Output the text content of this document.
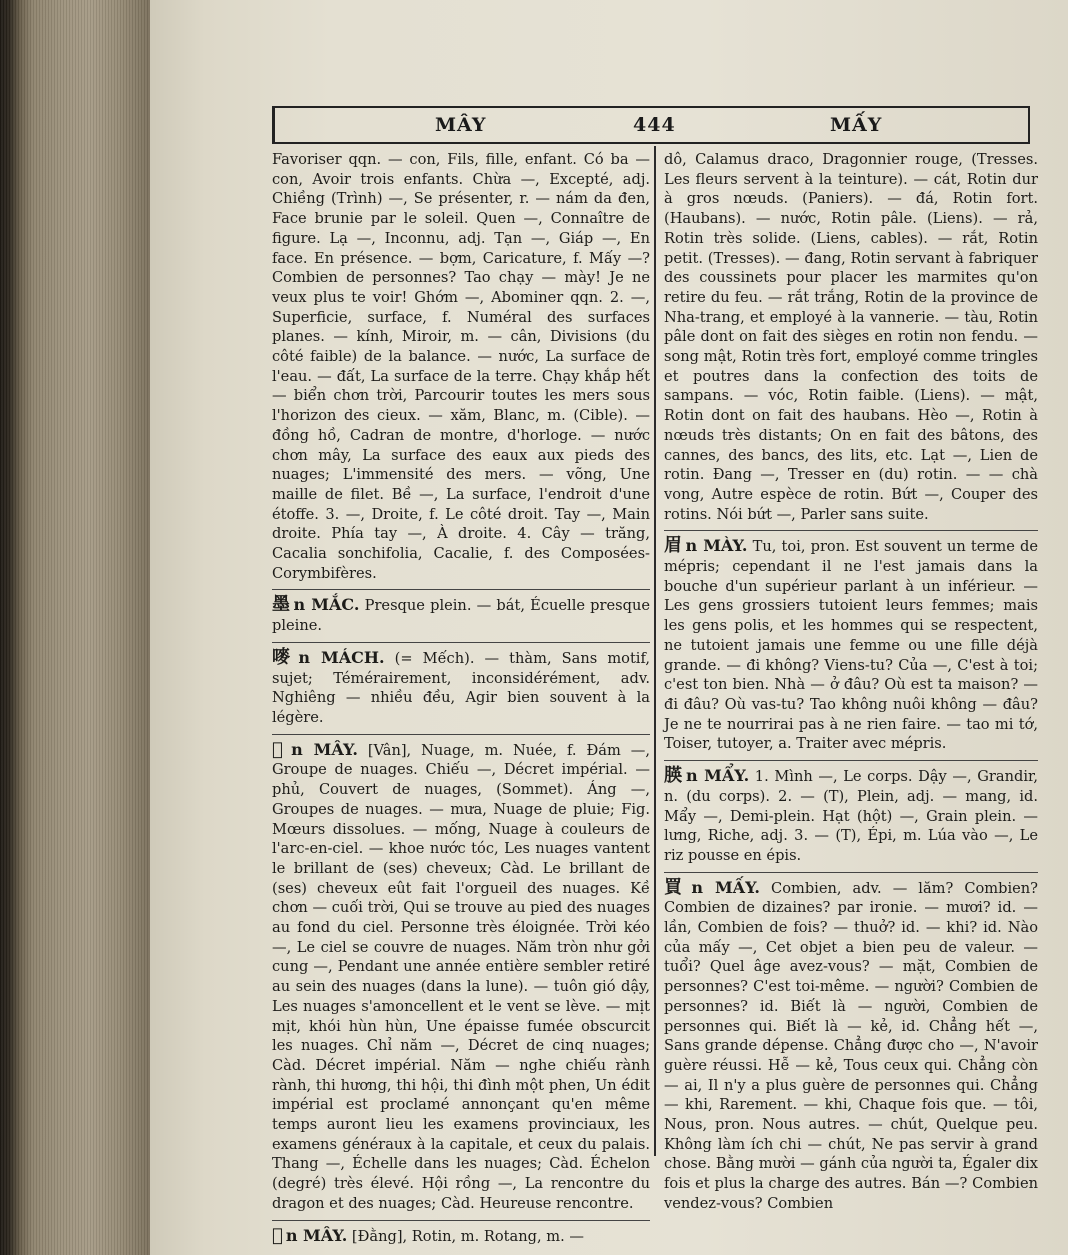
MÂY	444	MẤY

Favoriser qqn. — con, Fils, fille, enfant. Có ba — con, Avoir trois enfants. Chừa —, Excepté, adj. Chiềng (Trình) —, Se présenter, r. — nám da đen, Face brunie par le soleil. Quen —, Connaître de figure. Lạ —, Inconnu, adj. Tạn —, Giáp —, En face. En présence. — bợm, Caricature, f. Mấy —? Combien de personnes? Tao chạy — mày! Je ne veux plus te voir! Ghớm —, Abominer qqn. 2. —, Superficie, surface, f. Numéral des surfaces planes. — kính, Miroir, m. — cân, Divisions (du côté faible) de la balance. — nước, La surface de l'eau. — đất, La surface de la terre. Chạy khắp hết — biển chơn trời, Parcourir toutes les mers sous l'horizon des cieux. — xăm, Blanc, m. (Cible). — đồng hồ, Cadran de montre, d'horloge. — nước chơn mây, La surface des eaux aux pieds des nuages; L'immensité des mers. — võng, Une maille de filet. Bề —, La surface, l'endroit d'une étoffe. 3. —, Droite, f. Le côté droit. Tay —, Main droite. Phía tay —, À droite. 4. Cây — trăng, Cacalia sonchifolia, Cacalie, f. des Composées-Corymbifères.

墨 n MẮC. Presque plein. — bát, Écuelle presque pleine.

嘜 n MÁCH. (= Mếch). — thàm, Sans motif, sujet; Témérairement, inconsidérément, adv. Nghiêng — nhiều đều, Agir bien souvent à la légère.

𩄲 n MÂY. [Vân], Nuage, m. Nuée, f. Đám —, Groupe de nuages. Chiếu —, Décret impérial. — phủ, Couvert de nuages, (Sommet). Áng —, Groupes de nuages. — mưa, Nuage de pluie; Fig. Mœurs dissolues. — mống, Nuage à couleurs de l'arc-en-ciel. — khoe nước tóc, Les nuages vantent le brillant de (ses) cheveux; Càd. Le brillant de (ses) cheveux eût fait l'orgueil des nuages. Kề chơn — cuối trời, Qui se trouve au pied des nuages au fond du ciel. Personne très éloignée. Trời kéo —, Le ciel se couvre de nuages. Năm tròn như gởi cung —, Pendant une année entière sembler retiré au sein des nuages (dans la lune). — tuôn gió dậy, Les nuages s'amoncellent et le vent se lève. — mịt mịt, khói hùn hùn, Une épaisse fumée obscurcit les nuages. Chỉ năm —, Décret de cinq nuages; Càd. Décret impérial. Năm — nghe chiếu rành rành, thi hương, thi hội, thi đình một phen, Un édit impérial est proclamé annonçant qu'en même temps auront lieu les examens provinciaux, les examens généraux à la capitale, et ceux du palais. Thang —, Échelle dans les nuages; Càd. Échelon (degré) très élevé. Hội rồng —, La rencontre du dragon et des nuages; Càd. Heureuse rencontre.

𧁷 n MÂY. [Đằng], Rotin, m. Rotang, m. —

dô, Calamus draco, Dragonnier rouge, (Tresses. Les fleurs servent à la teinture). — cát, Rotin dur à gros nœuds. (Paniers). — đá, Rotin fort. (Haubans). — nước, Rotin pâle. (Liens). — rả, Rotin très solide. (Liens, cables). — rắt, Rotin petit. (Tresses). — đang, Rotin servant à fabriquer des coussinets pour placer les marmites qu'on retire du feu. — rắt trắng, Rotin de la province de Nha-trang, et employé à la vannerie. — tàu, Rotin pâle dont on fait des sièges en rotin non fendu. — song mật, Rotin très fort, employé comme tringles et poutres dans la confection des toits de sampans. — vóc, Rotin faible. (Liens). — mật, Rotin dont on fait des haubans. Hèo —, Rotin à nœuds très distants; On en fait des bâtons, des cannes, des bancs, des lits, etc. Lạt —, Lien de rotin. Đang —, Tresser en (du) rotin. — — chà vong, Autre espèce de rotin. Bứt —, Couper des rotins. Nói bứt —, Parler sans suite.

眉 n MÀY. Tu, toi, pron. Est souvent un terme de mépris; cependant il ne l'est jamais dans la bouche d'un supérieur parlant à un inférieur. — Les gens grossiers tutoient leurs femmes; mais les gens polis, et les hommes qui se respectent, ne tutoient jamais une femme ou une fille déjà grande. — đi không? Viens-tu? Của —, C'est à toi; c'est ton bien. Nhà — ở đâu? Où est ta maison? — đi đâu? Où vas-tu? Tao không nuôi không — đâu? Je ne te nourrirai pas à ne rien faire. — tao mi tớ, Toiser, tutoyer, a. Traiter avec mépris.

朠 n MẨY. 1. Mình —, Le corps. Dậy —, Grandir, n. (du corps). 2. — (T), Plein, adj. — mang, id. Mẩy —, Demi-plein. Hạt (hột) —, Grain plein. — lưng, Riche, adj. 3. — (T), Épi, m. Lúa vào —, Le riz pousse en épis.

買 n MẤY. Combien, adv. — lăm? Combien? Combien de dizaines? par ironie. — mươi? id. — lần, Combien de fois? — thuở? id. — khi? id. Nào của mấy —, Cet objet a bien peu de valeur. — tuổi? Quel âge avez-vous? — mặt, Combien de personnes? C'est toi-même. — người? Combien de personnes? id. Biết là — người, Combien de personnes qui. Biết là — kẻ, id. Chẳng hết —, Sans grande dépense. Chẳng được cho —, N'avoir guère réussi. Hễ — kẻ, Tous ceux qui. Chẳng còn — ai, Il n'y a plus guère de personnes qui. Chẳng — khi, Rarement. — khi, Chaque fois que. — tôi, Nous, pron. Nous autres. — chút, Quelque peu. Không làm ích chi — chút, Ne pas servir à grand chose. Bằng mười — gánh của người ta, Égaler dix fois et plus la charge des autres. Bán —? Combien vendez-vous? Combien
